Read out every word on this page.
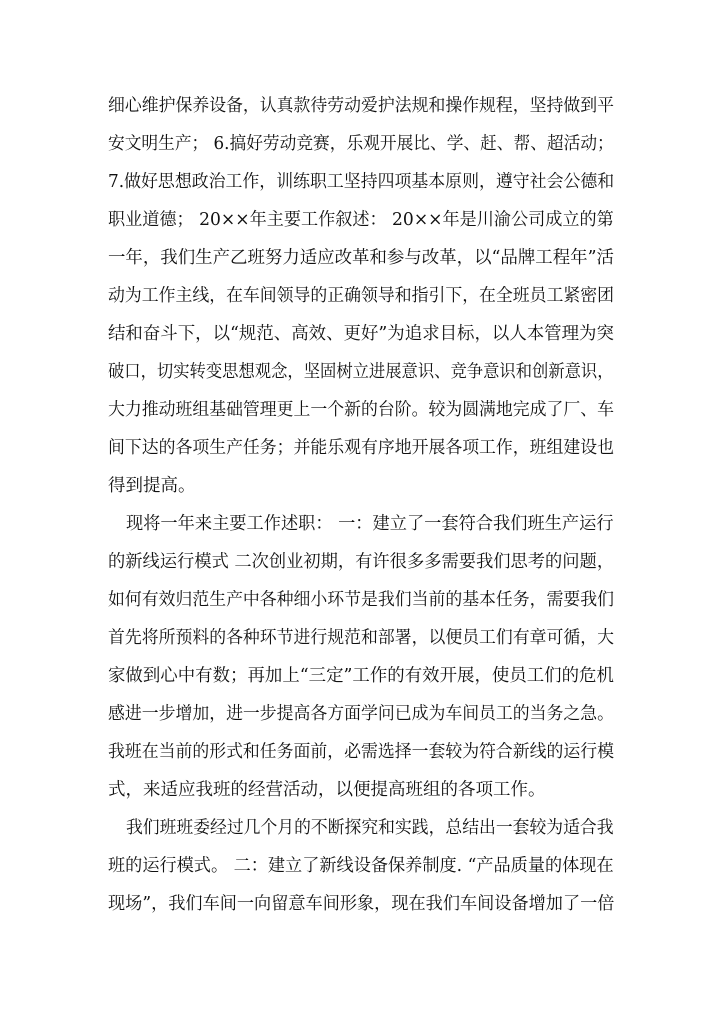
细心维护保养设备，认真款待劳动爱护法规和操作规程，坚持做到平
安文明生产； 6.搞好劳动竞赛，乐观开展比、学、赶、帮、超活动；
7.做好思想政治工作，训练职工坚持四项基本原则，遵守社会公德和
职业道德； 20××年主要工作叙述： 20××年是川渝公司成立的第
一年，我们生产乙班努力适应改革和参与改革，以“品牌工程年”活
动为工作主线，在车间领导的正确领导和指引下，在全班员工紧密团
结和奋斗下，以“规范、高效、更好”为追求目标，以人本管理为突
破口，切实转变思想观念，坚固树立进展意识、竞争意识和创新意识，
大力推动班组基础管理更上一个新的台阶。较为圆满地完成了厂、车
间下达的各项生产任务；并能乐观有序地开展各项工作，班组建设也
得到提高。
现将一年来主要工作述职： 一：建立了一套符合我们班生产运行
的新线运行模式 二次创业初期，有许很多多需要我们思考的问题，
如何有效归范生产中各种细小环节是我们当前的基本任务，需要我们
首先将所预料的各种环节进行规范和部署，以便员工们有章可循，大
家做到心中有数；再加上“三定”工作的有效开展，使员工们的危机
感进一步增加，进一步提高各方面学问已成为车间员工的当务之急。
我班在当前的形式和任务面前，必需选择一套较为符合新线的运行模
式，来适应我班的经营活动，以便提高班组的各项工作。
我们班班委经过几个月的不断探究和实践，总结出一套较为适合我
班的运行模式。 二：建立了新线设备保养制度. “产品质量的体现在
现场”，我们车间一向留意车间形象，现在我们车间设备增加了一倍
